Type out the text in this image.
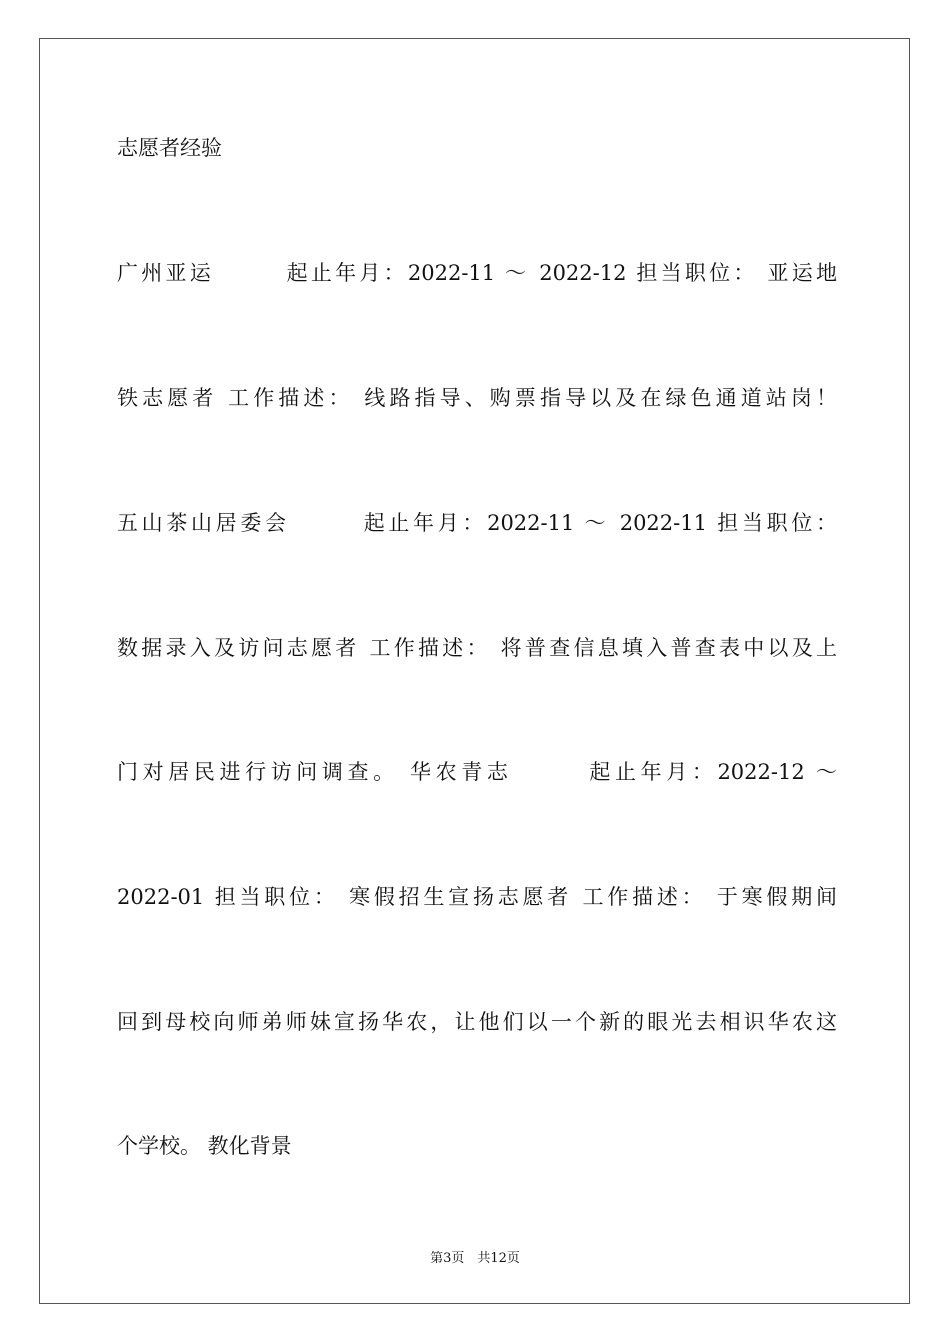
志愿者经验

广州亚运　　　起止年月：2022-11 ～ 2022-12 担当职位： 亚运地

铁志愿者 工作描述： 线路指导、购票指导以及在绿色通道站岗！

五山茶山居委会　　　起止年月：2022-11 ～ 2022-11 担当职位：

数据录入及访问志愿者 工作描述： 将普查信息填入普查表中以及上

门对居民进行访问调查。 华农青志　　　起止年月：2022-12 ～

2022-01 担当职位： 寒假招生宣扬志愿者 工作描述： 于寒假期间

回到母校向师弟师妹宣扬华农，让他们以一个新的眼光去相识华农这

个学校。 教化背景

第3页　共12页
